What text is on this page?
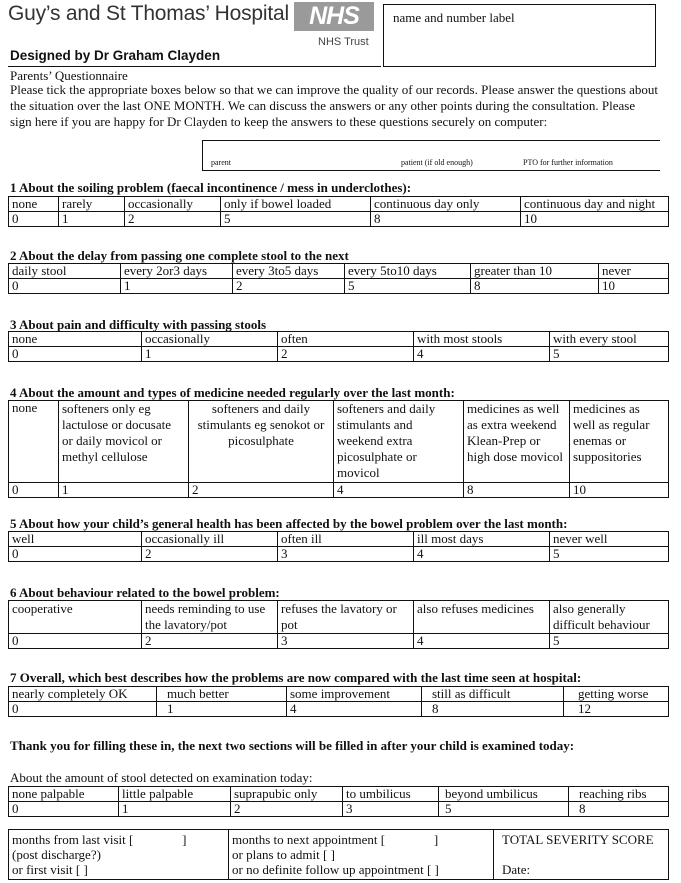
Guy’s and St Thomas’ Hospital NHS
NHS Trust
Designed by Dr Graham Clayden
name and number label
Parents’ Questionnaire
Please tick the appropriate boxes below so that we can improve the quality of our records. Please answer the questions about the situation over the last ONE MONTH. We can discuss the answers or any other points during the consultation. Please sign here if you are happy for Dr Clayden to keep the answers to these questions securely on computer:
parent	patient (if old enough)	PTO for further information
1 About the soiling problem (faecal incontinence / mess in underclothes):
none	rarely	occasionally	only if bowel loaded	continuous day only	continuous day and night
0	1	2	5	8	10
2 About the delay from passing one complete stool to the next
daily stool	every 2or3 days	every 3to5 days	every 5to10 days	greater than 10	never
0	1	2	5	8	10
3 About pain and difficulty with passing stools
none	occasionally	often	with most stools	with every stool
0	1	2	4	5
4 About the amount and types of medicine needed regularly over the last month:
none	softeners only eg lactulose or docusate or daily movicol or methyl cellulose	softeners and daily stimulants eg senokot or picosulphate	softeners and daily stimulants and weekend extra picosulphate or movicol	medicines as well as extra weekend Klean-Prep or high dose movicol	medicines as well as regular enemas or suppositories
0	1	2	4	8	10
5 About how your child’s general health has been affected by the bowel problem over the last month:
well	occasionally ill	often ill	ill most days	never well
0	2	3	4	5
6 About behaviour related to the bowel problem:
cooperative	needs reminding to use the lavatory/pot	refuses the lavatory or pot	also refuses medicines	also generally difficult behaviour
0	2	3	4	5
7 Overall, which best describes how the problems are now compared with the last time seen at hospital:
nearly completely OK	much better	some improvement	still as difficult	getting worse
0	1	4	8	12
Thank you for filling these in, the next two sections will be filled in after your child is examined today:
About the amount of stool detected on examination today:
none palpable	little palpable	suprapubic only	to umbilicus	beyond umbilicus	reaching ribs
0	1	2	3	5	8
months from last visit [               ]
(post discharge?)
or first visit [ ]

months to next appointment [               ]
or plans to admit [ ]
or no definite follow up appointment [ ]

TOTAL SEVERITY SCORE
Date:
